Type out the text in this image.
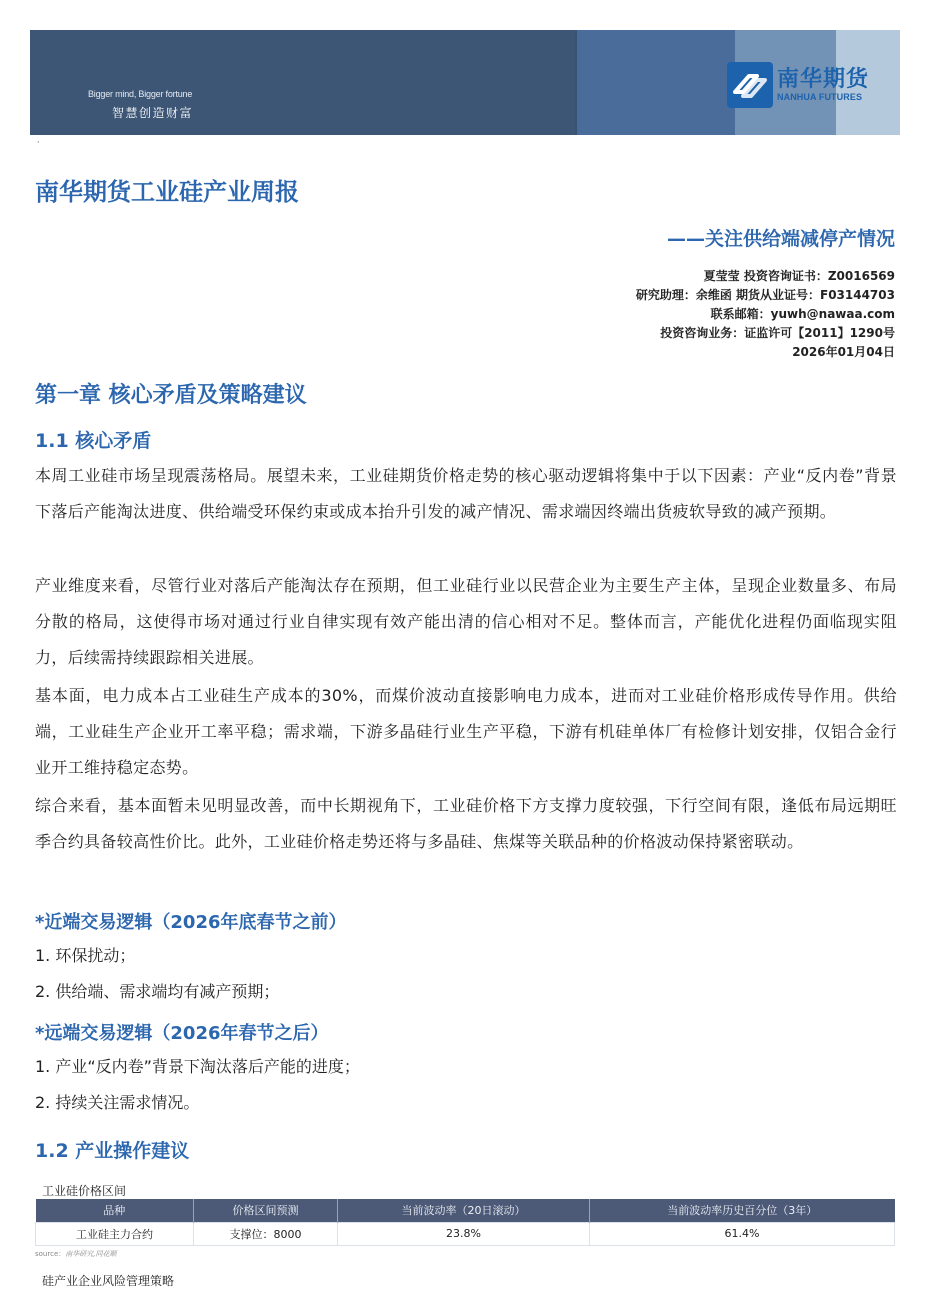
Bigger mind, Bigger fortune
智慧创造财富
南华期货
NANHUA FUTURES
·
南华期货工业硅产业周报
——关注供给端减停产情况
夏莹莹 投资咨询证书：Z0016569
研究助理：余维函 期货从业证号：F03144703
联系邮箱：yuwh@nawaa.com
投资咨询业务：证监许可【2011】1290号
2026年01月04日
第一章 核心矛盾及策略建议
1.1 核心矛盾
本周工业硅市场呈现震荡格局。展望未来，工业硅期货价格走势的核心驱动逻辑将集中于以下因素：产业“反内卷”背景下落后产能淘汰进度、供给端受环保约束或成本抬升引发的减产情况、需求端因终端出货疲软导致的减产预期。
产业维度来看，尽管行业对落后产能淘汰存在预期，但工业硅行业以民营企业为主要生产主体，呈现企业数量多、布局分散的格局，这使得市场对通过行业自律实现有效产能出清的信心相对不足。整体而言，产能优化进程仍面临现实阻力，后续需持续跟踪相关进展。
基本面，电力成本占工业硅生产成本的30%，而煤价波动直接影响电力成本，进而对工业硅价格形成传导作用。供给端，工业硅生产企业开工率平稳；需求端，下游多晶硅行业生产平稳，下游有机硅单体厂有检修计划安排，仅铝合金行业开工维持稳定态势。
综合来看，基本面暂未见明显改善，而中长期视角下，工业硅价格下方支撑力度较强，下行空间有限，逢低布局远期旺季合约具备较高性价比。此外，工业硅价格走势还将与多晶硅、焦煤等关联品种的价格波动保持紧密联动。
*近端交易逻辑（2026年底春节之前）
1. 环保扰动；
2. 供给端、需求端均有减产预期；
*远端交易逻辑（2026年春节之后）
1. 产业“反内卷”背景下淘汰落后产能的进度；
2. 持续关注需求情况。
1.2 产业操作建议
工业硅价格区间
品种	价格区间预测	当前波动率（20日滚动）	当前波动率历史百分位（3年）
工业硅主力合约	支撑位：8000	23.8%	61.4%
source：南华研究,同花顺
硅产业企业风险管理策略
